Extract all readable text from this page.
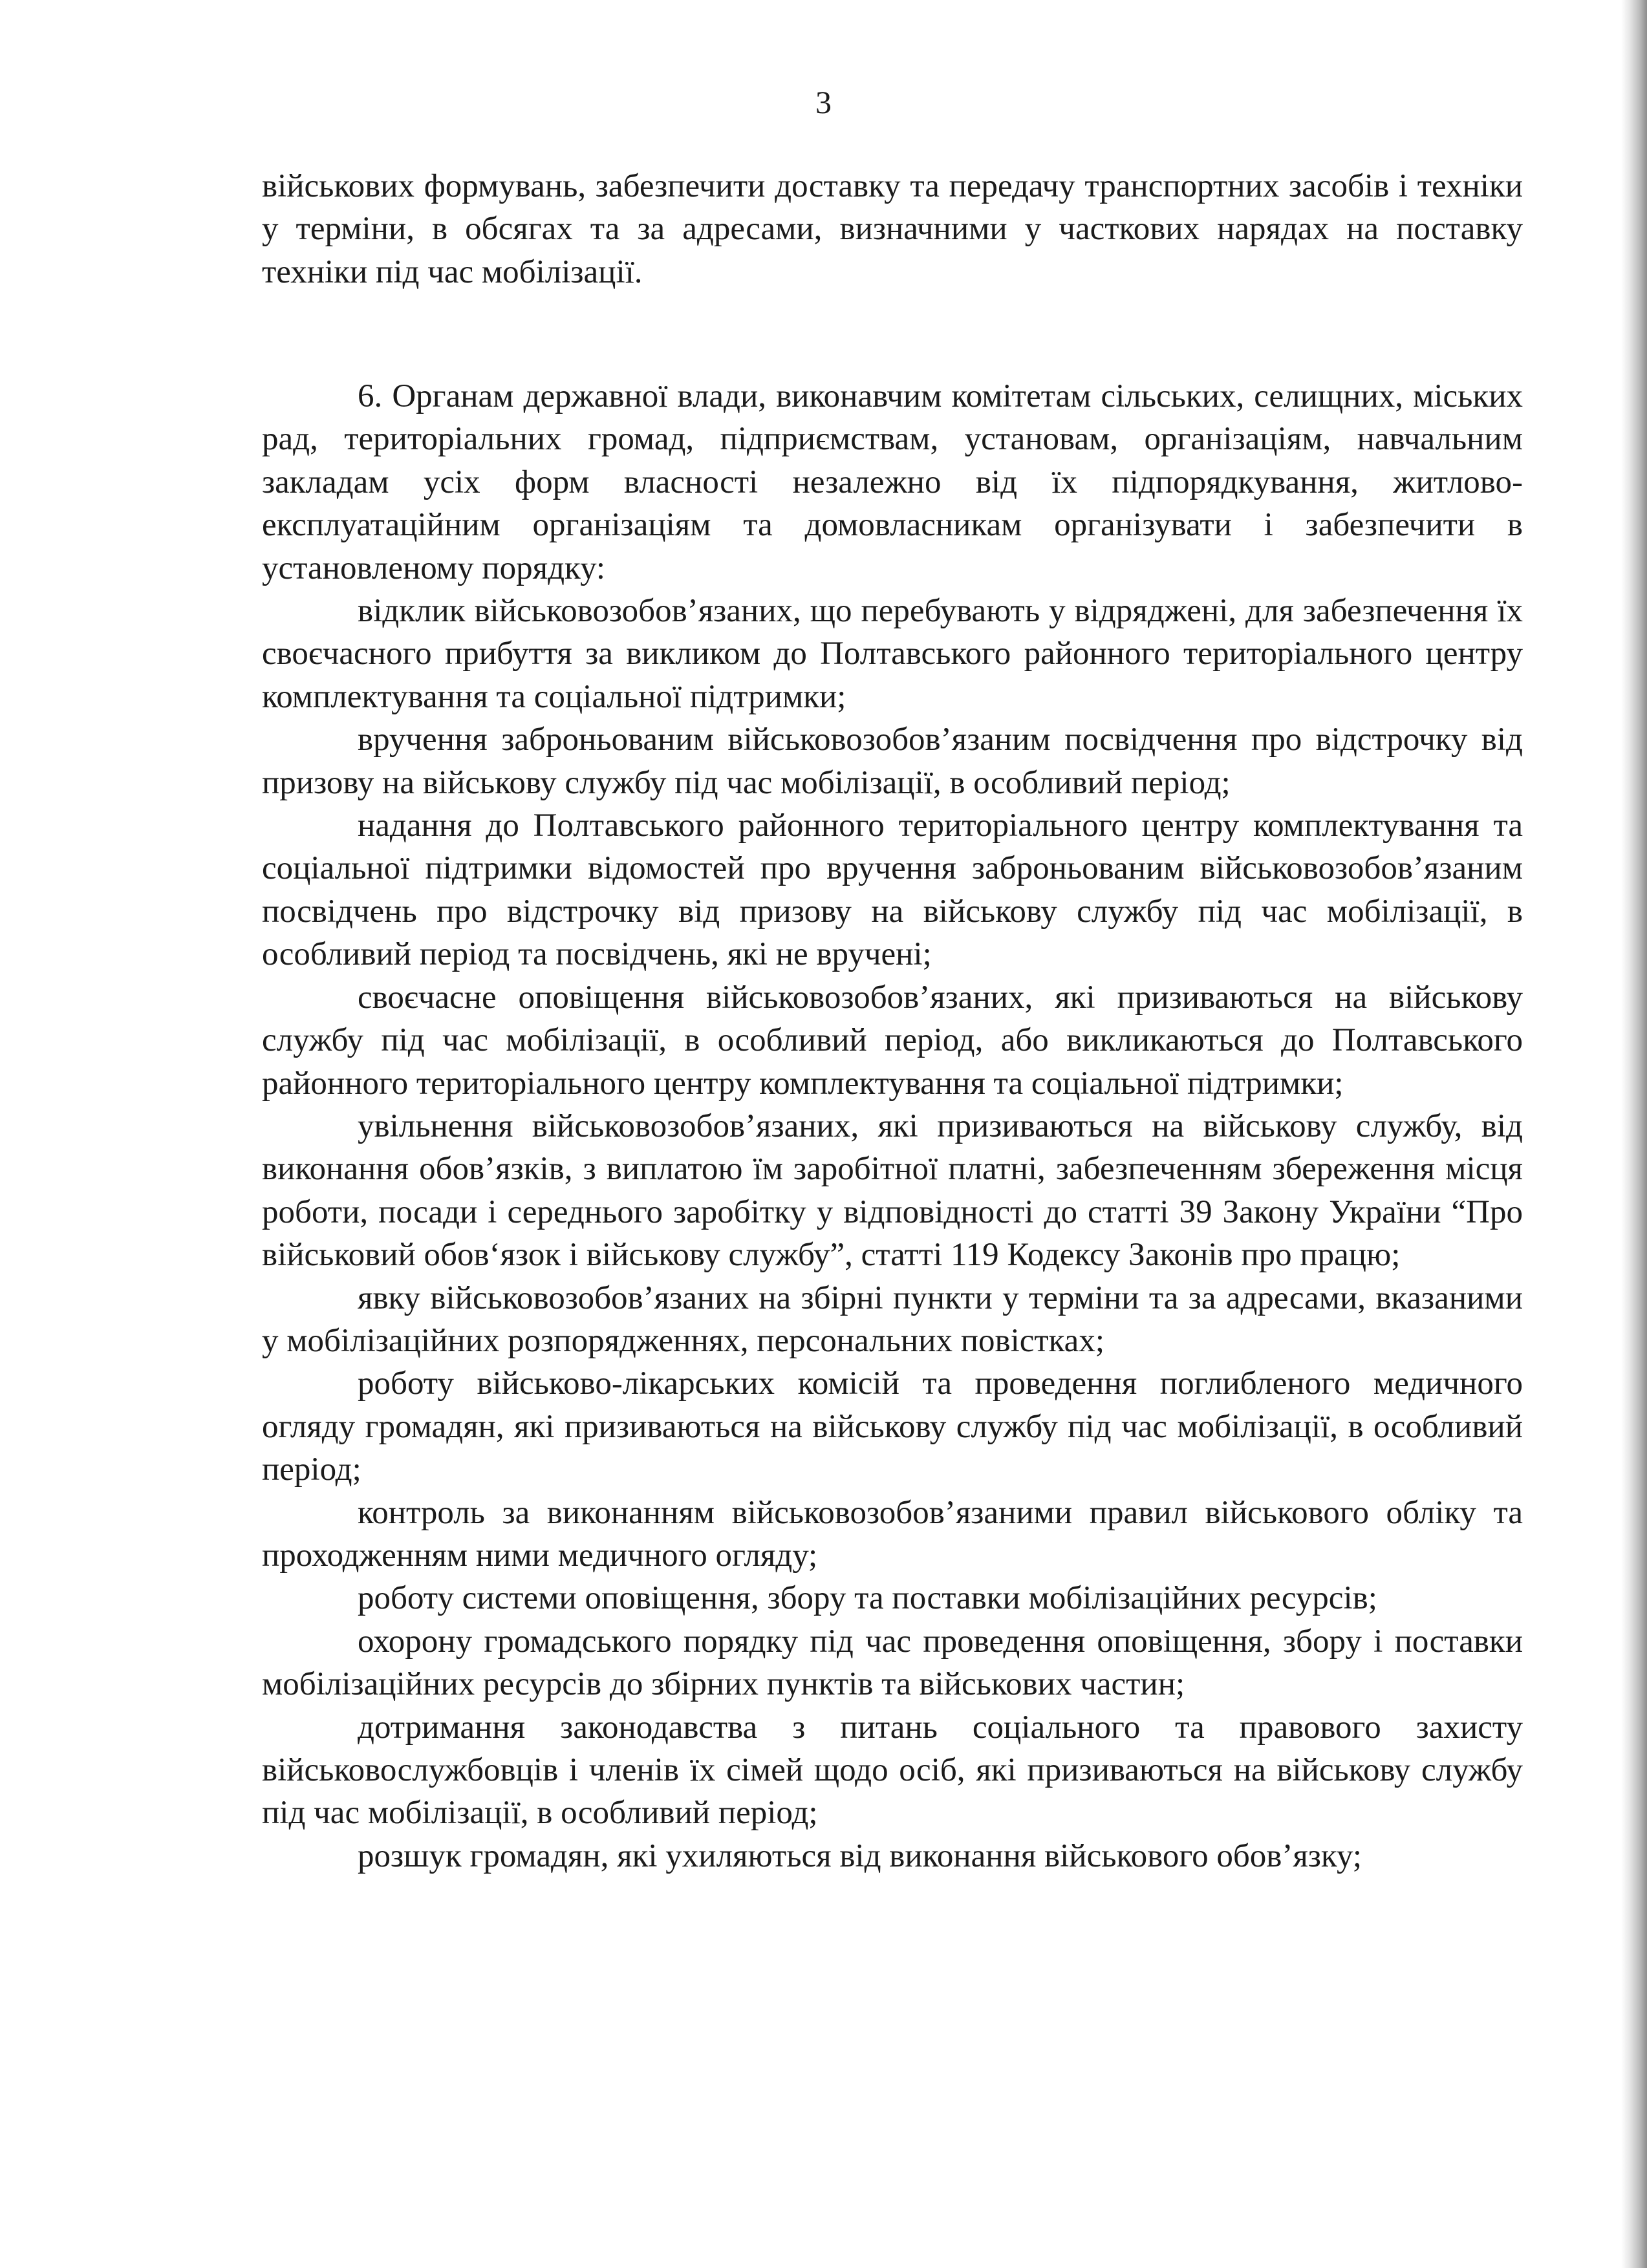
3

військових формувань, забезпечити доставку та передачу транспортних засобів і техніки у терміни, в обсягах та за адресами, визначними у часткових нарядах на поставку техніки під час мобілізації.

6. Органам державної влади, виконавчим комітетам сільських, селищних, міських рад, територіальних громад, підприємствам, установам, організаціям, навчальним закладам усіх форм власності незалежно від їх підпорядкування, житлово-експлуатаційним організаціям та домовласникам організувати і забезпечити в установленому порядку:

відклик військовозобов’язаних, що перебувають у відряджені, для забезпечення їх своєчасного прибуття за викликом до Полтавського районного територіального центру комплектування та соціальної підтримки;

вручення заброньованим військовозобов’язаним посвідчення про відстрочку від призову на військову службу під час мобілізації, в особливий період;

надання до Полтавського районного територіального центру комплектування та соціальної підтримки відомостей про вручення заброньованим військовозобов’язаним посвідчень про відстрочку від призову на військову службу під час мобілізації, в особливий період та посвідчень, які не вручені;

своєчасне оповіщення військовозобов’язаних, які призиваються на військову службу під час мобілізації, в особливий період, або викликаються до Полтавського районного територіального центру комплектування та соціальної підтримки;

увільнення військовозобов’язаних, які призиваються на військову службу, від виконання обов’язків, з виплатою їм заробітної платні, забезпеченням збереження місця роботи, посади і середнього заробітку у відповідності до статті 39 Закону України “Про військовий обов‘язок і військову службу”, статті 119 Кодексу Законів про працю;

явку військовозобов’язаних на збірні пункти у терміни та за адресами, вказаними у мобілізаційних розпорядженнях, персональних повістках;

роботу військово-лікарських комісій та проведення поглибленого медичного огляду громадян, які призиваються на військову службу під час мобілізації, в особливий період;

контроль за виконанням військовозобов’язаними правил військового обліку та проходженням ними медичного огляду;

роботу системи оповіщення, збору та поставки мобілізаційних ресурсів;

охорону громадського порядку під час проведення оповіщення, збору і поставки мобілізаційних ресурсів до збірних пунктів та військових частин;

дотримання законодавства з питань соціального та правового захисту військовослужбовців і членів їх сімей щодо осіб, які призиваються на військову службу під час мобілізації, в особливий період;

розшук громадян, які ухиляються від виконання військового обов’язку;
